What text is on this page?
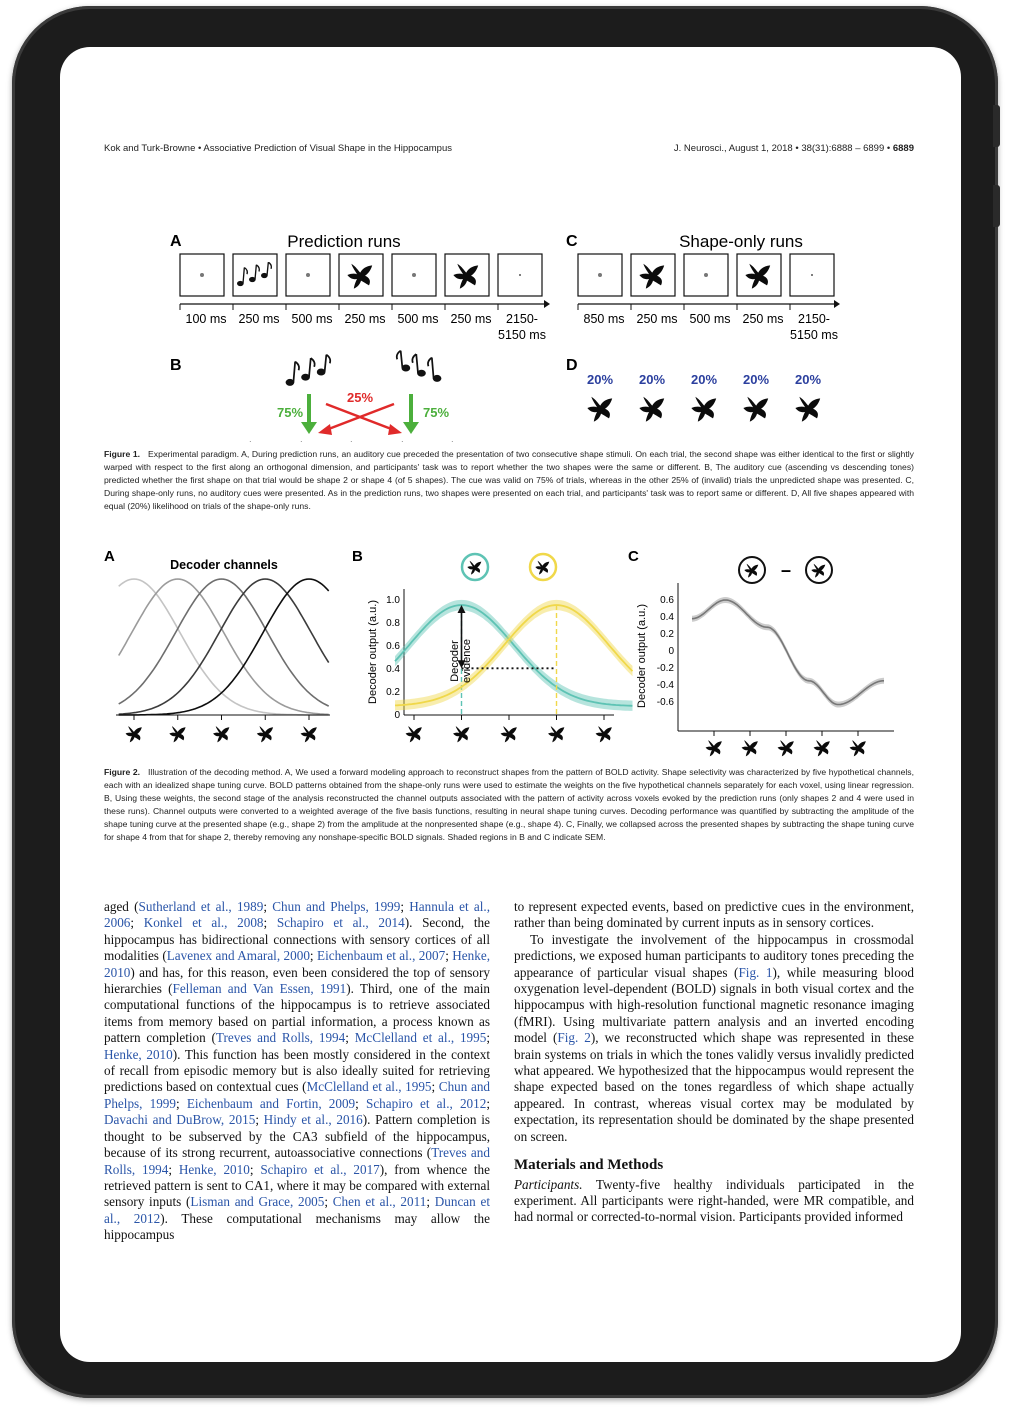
Kok and Turk-Browne • Associative Prediction of Visual Shape in the Hippocampus	J. Neurosci., August 1, 2018 • 38(31):6888 – 6899 • 6889
A	Prediction runs
100 ms 250 ms 500 ms 250 ms 500 ms 250 ms 2150-
5150 ms
C	Shape-only runs
850 ms 250 ms 500 ms 250 ms 2150-
5150 ms
B
75%
25%
75%
D
20% 20% 20% 20% 20%
Figure 1. Experimental paradigm. A, During prediction runs, an auditory cue preceded the presentation of two consecutive shape stimuli. On each trial, the second shape was either identical to the first or slightly warped with respect to the first along an orthogonal dimension, and participants' task was to report whether the two shapes were the same or different. B, The auditory cue (ascending vs descending tones) predicted whether the first shape on that trial would be shape 2 or shape 4 (of 5 shapes). The cue was valid on 75% of trials, whereas in the other 25% of (invalid) trials the unpredicted shape was presented. C, During shape-only runs, no auditory cues were presented. As in the prediction runs, two shapes were presented on each trial, and participants' task was to report same or different. D, All five shapes appeared with equal (20%) likelihood on trials of the shape-only runs.
A	Decoder channels	B
Decoder output (a.u.)
0
0.2
0.4
0.6
0.8
1.0
Decoder evidence
C
–
Decoder output (a.u.)
0.6
0.4
0.2
0
-0.2
-0.4
-0.6
Figure 2. Illustration of the decoding method. A, We used a forward modeling approach to reconstruct shapes from the pattern of BOLD activity. Shape selectivity was characterized by five hypothetical channels, each with an idealized shape tuning curve. BOLD patterns obtained from the shape-only runs were used to estimate the weights on the five hypothetical channels separately for each voxel, using linear regression. B, Using these weights, the second stage of the analysis reconstructed the channel outputs associated with the pattern of activity across voxels evoked by the prediction runs (only shapes 2 and 4 were used in these runs). Channel outputs were converted to a weighted average of the five basis functions, resulting in neural shape tuning curves. Decoding performance was quantified by subtracting the amplitude of the shape tuning curve at the presented shape (e.g., shape 2) from the amplitude at the nonpresented shape (e.g., shape 4). C, Finally, we collapsed across the presented shapes by subtracting the shape tuning curve for shape 4 from that for shape 2, thereby removing any nonshape-specific BOLD signals. Shaded regions in B and C indicate SEM.

aged (Sutherland et al., 1989; Chun and Phelps, 1999; Hannula et al., 2006; Konkel et al., 2008; Schapiro et al., 2014). Second, the hippocampus has bidirectional connections with sensory cortices of all modalities (Lavenex and Amaral, 2000; Eichenbaum et al., 2007; Henke, 2010) and has, for this reason, even been considered the top of sensory hierarchies (Felleman and Van Essen, 1991). Third, one of the main computational functions of the hippocampus is to retrieve associated items from memory based on partial information, a process known as pattern completion (Treves and Rolls, 1994; McClelland et al., 1995; Henke, 2010). This function has been mostly considered in the context of recall from episodic memory but is also ideally suited for retrieving predictions based on contextual cues (McClelland et al., 1995; Chun and Phelps, 1999; Eichenbaum and Fortin, 2009; Schapiro et al., 2012; Davachi and DuBrow, 2015; Hindy et al., 2016). Pattern completion is thought to be subserved by the CA3 subfield of the hippocampus, because of its strong recurrent, autoassociative connections (Treves and Rolls, 1994; Henke, 2010; Schapiro et al., 2017), from whence the retrieved pattern is sent to CA1, where it may be compared with external sensory inputs (Lisman and Grace, 2005; Chen et al., 2011; Duncan et al., 2012). These computational mechanisms may allow the hippocampus

to represent expected events, based on predictive cues in the environment, rather than being dominated by current inputs as in sensory cortices.

To investigate the involvement of the hippocampus in crossmodal predictions, we exposed human participants to auditory tones preceding the appearance of particular visual shapes (Fig. 1), while measuring blood oxygenation level-dependent (BOLD) signals in both visual cortex and the hippocampus with high-resolution functional magnetic resonance imaging (fMRI). Using multivariate pattern analysis and an inverted encoding model (Fig. 2), we reconstructed which shape was represented in these brain systems on trials in which the tones validly versus invalidly predicted what appeared. We hypothesized that the hippocampus would represent the shape expected based on the tones regardless of which shape actually appeared. In contrast, whereas visual cortex may be modulated by expectation, its representation should be dominated by the shape presented on screen.

Materials and Methods

Participants. Twenty-five healthy individuals participated in the experiment. All participants were right-handed, were MR compatible, and had normal or corrected-to-normal vision. Participants provided informed
